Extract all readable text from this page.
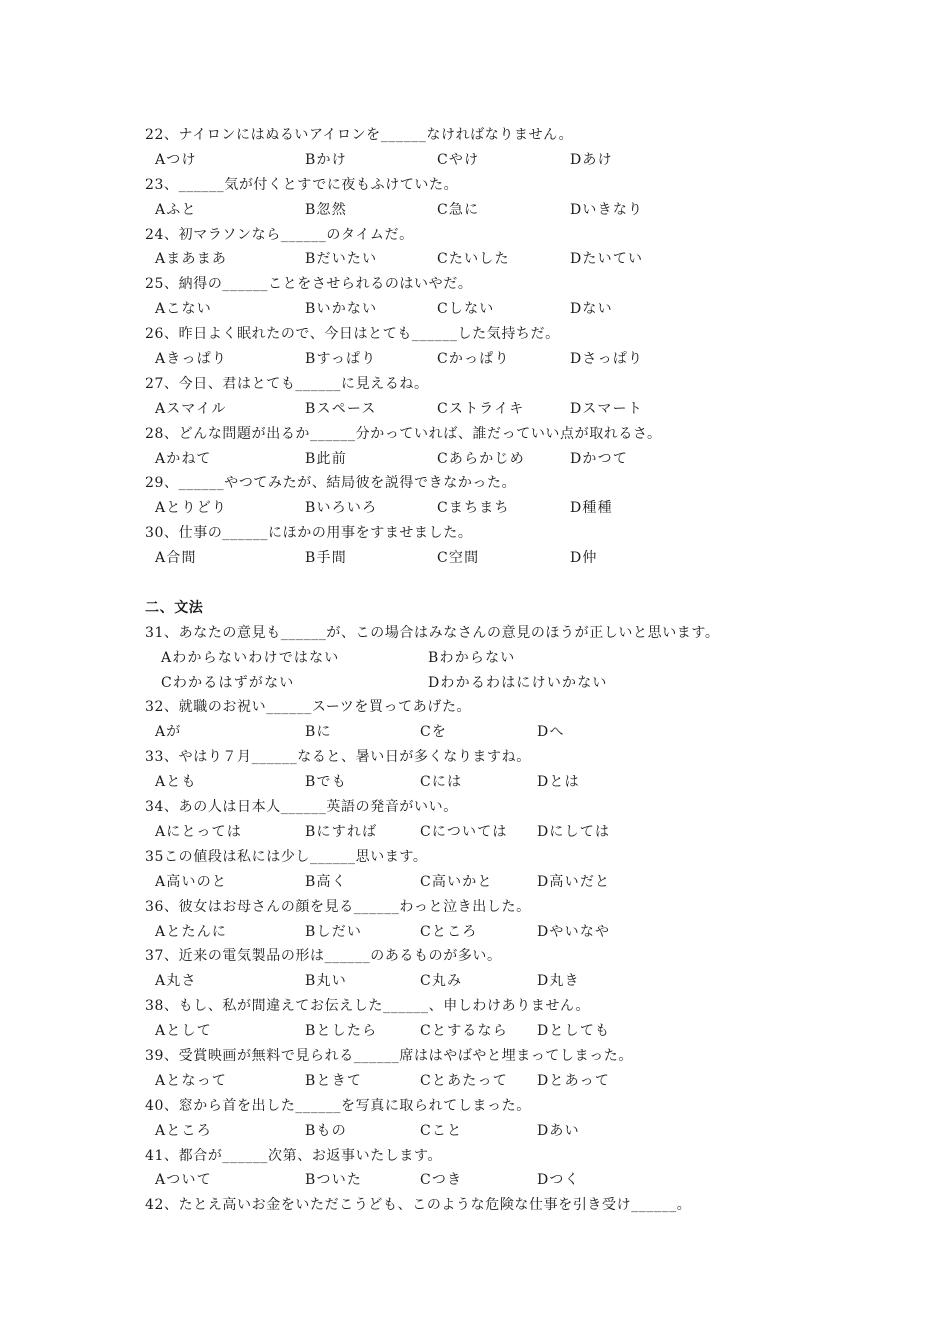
22、ナイロンにはぬるいアイロンを______なければなりません。
Aつけ	Bかけ	Cやけ	Dあけ
23、______気が付くとすでに夜もふけていた。
Aふと	B忽然	C急に	Dいきなり
24、初マラソンなら______のタイムだ。
Aまあまあ	Bだいたい	Cたいした	Dたいてい
25、納得の______ことをさせられるのはいやだ。
Aこない	Bいかない	Cしない	Dない
26、昨日よく眠れたので、今日はとても______した気持ちだ。
Aきっぱり	Bすっぱり	Cかっぱり	Dさっぱり
27、今日、君はとても______に見えるね。
Aスマイル	Bスペース	Cストライキ	Dスマート
28、どんな問題が出るか______分かっていれば、誰だっていい点が取れるさ。
Aかねて	B此前	Cあらかじめ	Dかつて
29、______やつてみたが、結局彼を説得できなかった。
Aとりどり	Bいろいろ	Cまちまち	D種種
30、仕事の______にほかの用事をすませました。
A合間	B手間	C空間	D仲
二、文法
31、あなたの意見も______が、この場合はみなさんの意見のほうが正しいと思います。
Aわからないわけではない	Bわからない
Cわかるはずがない	Dわかるわはにけいかない
32、就職のお祝い______スーツを買ってあげた。
Aが	Bに	Cを	Dへ
33、やはり７月______なると、暑い日が多くなりますね。
Aとも	Bでも	Cには	Dとは
34、あの人は日本人______英語の発音がいい。
Aにとっては	Bにすれば	Cについては Dにしては
35この値段は私には少し______思います。
A高いのと	B高く	C高いかと	D高いだと
36、彼女はお母さんの顔を見る______わっと泣き出した。
Aとたんに	Bしだい	Cところ	Dやいなや
37、近来の電気製品の形は______のあるものが多い。
A丸さ	B丸い	C丸み	D丸き
38、もし、私が間違えてお伝えした______、申しわけありません。
Aとして	Bとしたら	Cとするなら Dとしても
39、受賞映画が無料で見られる______席ははやばやと埋まってしまった。
Aとなって	Bときて	Cとあたって Dとあって
40、窓から首を出した______を写真に取られてしまった。
Aところ	Bもの	Cこと	Dあい
41、都合が______次第、お返事いたします。
Aついて	Bついた	Cつき	Dつく
42、たとえ高いお金をいただこうども、このような危険な仕事を引き受け______。
